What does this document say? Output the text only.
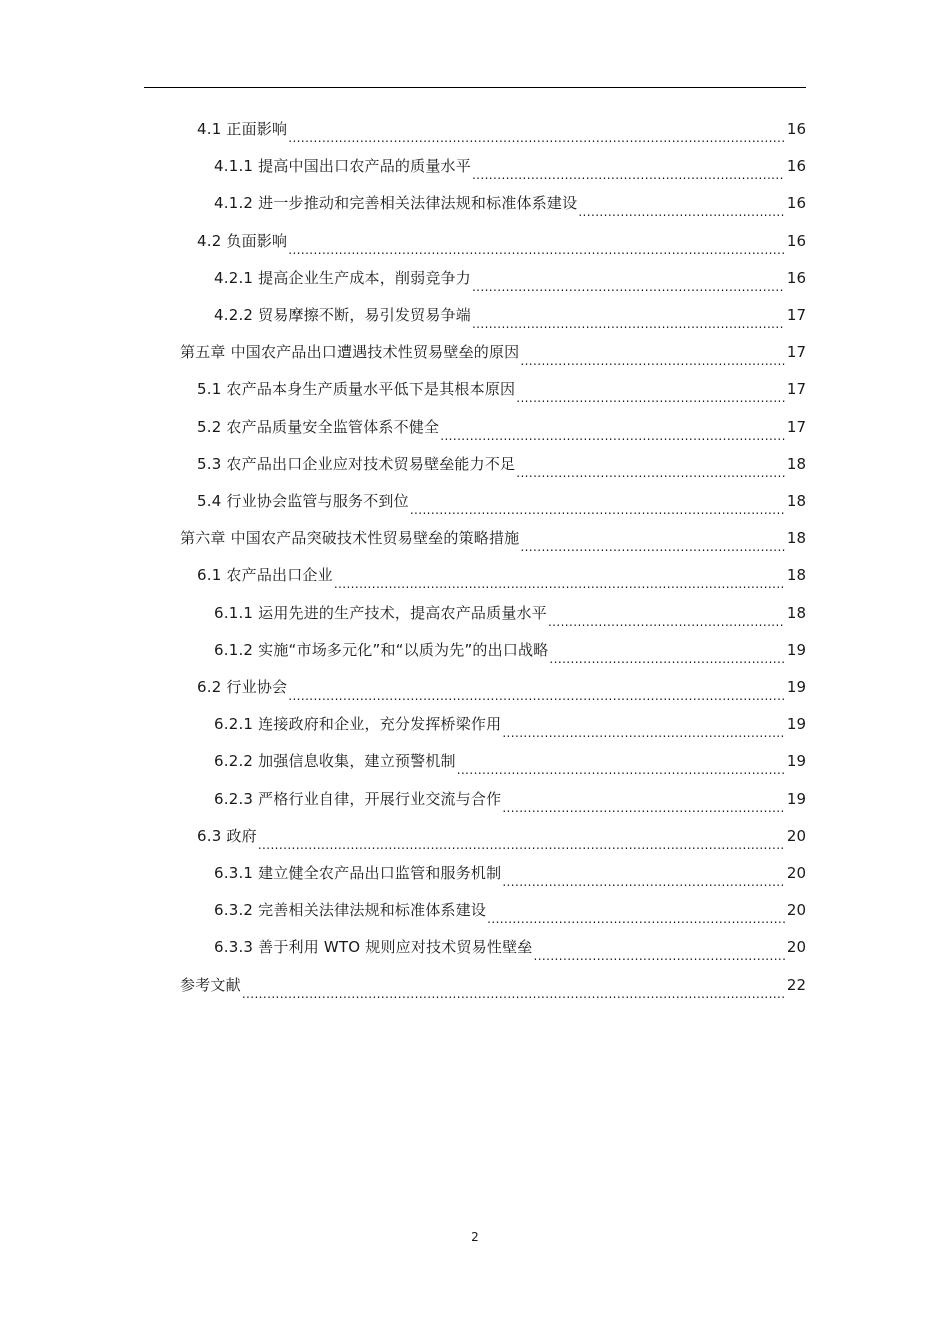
4.1 正面影响 .....	16
4.1.1 提高中国出口农产品的质量水平 .....	16
4.1.2 进一步推动和完善相关法律法规和标准体系建设 .....	16
4.2 负面影响 .....	16
4.2.1 提高企业生产成本，削弱竞争力 .....	16
4.2.2 贸易摩擦不断，易引发贸易争端 .....	17
第五章 中国农产品出口遭遇技术性贸易壁垒的原因 .....	17
5.1 农产品本身生产质量水平低下是其根本原因 .....	17
5.2 农产品质量安全监管体系不健全 .....	17
5.3 农产品出口企业应对技术贸易壁垒能力不足 .....	18
5.4 行业协会监管与服务不到位 .....	18
第六章 中国农产品突破技术性贸易壁垒的策略措施 .....	18
6.1 农产品出口企业 .....	18
6.1.1 运用先进的生产技术，提高农产品质量水平 .....	18
6.1.2 实施“市场多元化”和“以质为先”的出口战略 .....	19
6.2 行业协会 .....	19
6.2.1 连接政府和企业，充分发挥桥梁作用 .....	19
6.2.2 加强信息收集，建立预警机制 .....	19
6.2.3 严格行业自律，开展行业交流与合作 .....	19
6.3 政府 .....	20
6.3.1 建立健全农产品出口监管和服务机制 .....	20
6.3.2 完善相关法律法规和标准体系建设 .....	20
6.3.3 善于利用 WTO 规则应对技术贸易性壁垒 .....	20
参考文献 .....	22
2
